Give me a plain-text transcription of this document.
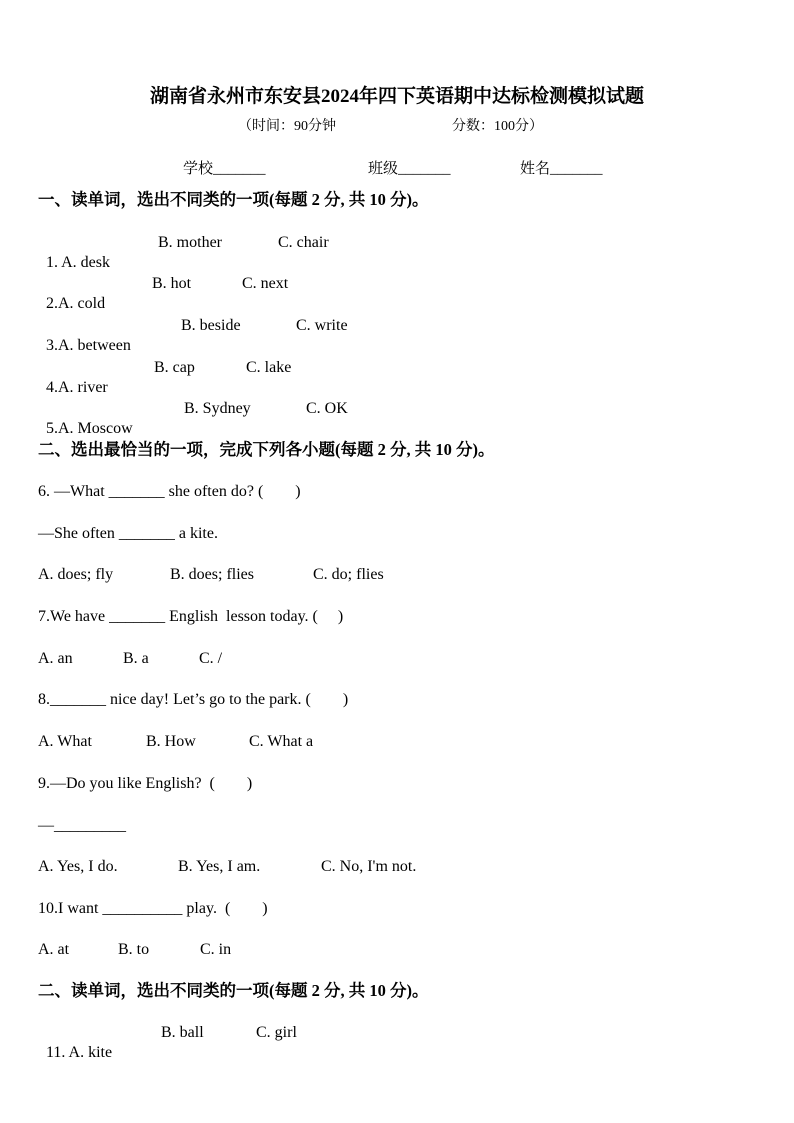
湖南省永州市东安县2024年四下英语期中达标检测模拟试题
（时间：90分钟	分数：100分）
学校_______	班级_______	姓名_______
一、读单词，选出不同类的一项(每题 2 分, 共 10 分)。

1. A. desk

B. mother	C. chair

2.A. cold

B. hot	C. next

3.A. between

B. beside	C. write

4.A. river

B. cap	C. lake

5.A. Moscow

B. Sydney	C. OK
二、选出最恰当的一项，完成下列各小题(每题 2 分, 共 10 分)。
6. —What _______ she often do? (　　)
—She often _______ a kite.
A. does; fly	B. does; flies	C. do; flies
7.We have _______ English  lesson today. (　 )
A. an	B. a	C. /
8._______ nice day! Let’s go to the park. (　　)
A. What	B. How	C. What a
9.—Do you like English?  (　　)
—_________
A. Yes, I do.	B. Yes, I am.	C. No, I'm not.
10.I want __________ play.  (　　)
A. at	B. to	C. in
二、读单词，选出不同类的一项(每题 2 分, 共 10 分)。

11. A. kite

B. ball	C. girl
